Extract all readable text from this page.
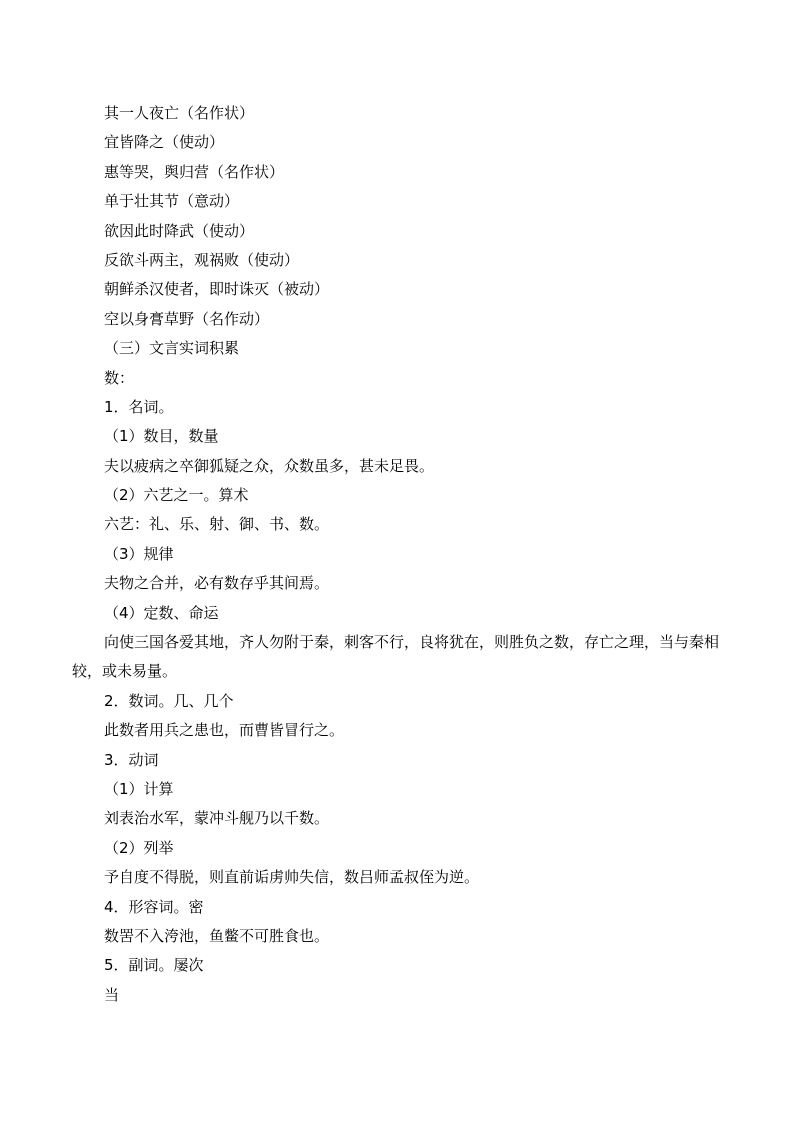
其一人夜亡（名作状）
宜皆降之（使动）
惠等哭，舆归营（名作状）
单于壮其节（意动）
欲因此时降武（使动）
反欲斗两主，观祸败（使动）
朝鲜杀汉使者，即时诛灭（被动）
空以身膏草野（名作动）
（三）文言实词积累
数：
1．名词。
（1）数目，数量
夫以疲病之卒御狐疑之众，众数虽多，甚未足畏。
（2）六艺之一。算术
六艺：礼、乐、射、御、书、数。
（3）规律
夫物之合并，必有数存乎其间焉。
（4）定数、命运
向使三国各爱其地，齐人勿附于秦，刺客不行，良将犹在，则胜负之数，存亡之理，当与秦相较，或未易量。
2．数词。几、几个
此数者用兵之患也，而曹皆冒行之。
3．动词
（1）计算
刘表治水军，蒙冲斗舰乃以千数。
（2）列举
予自度不得脱，则直前诟虏帅失信，数吕师孟叔侄为逆。
4．形容词。密
数罟不入洿池，鱼鳖不可胜食也。
5．副词。屡次
当
